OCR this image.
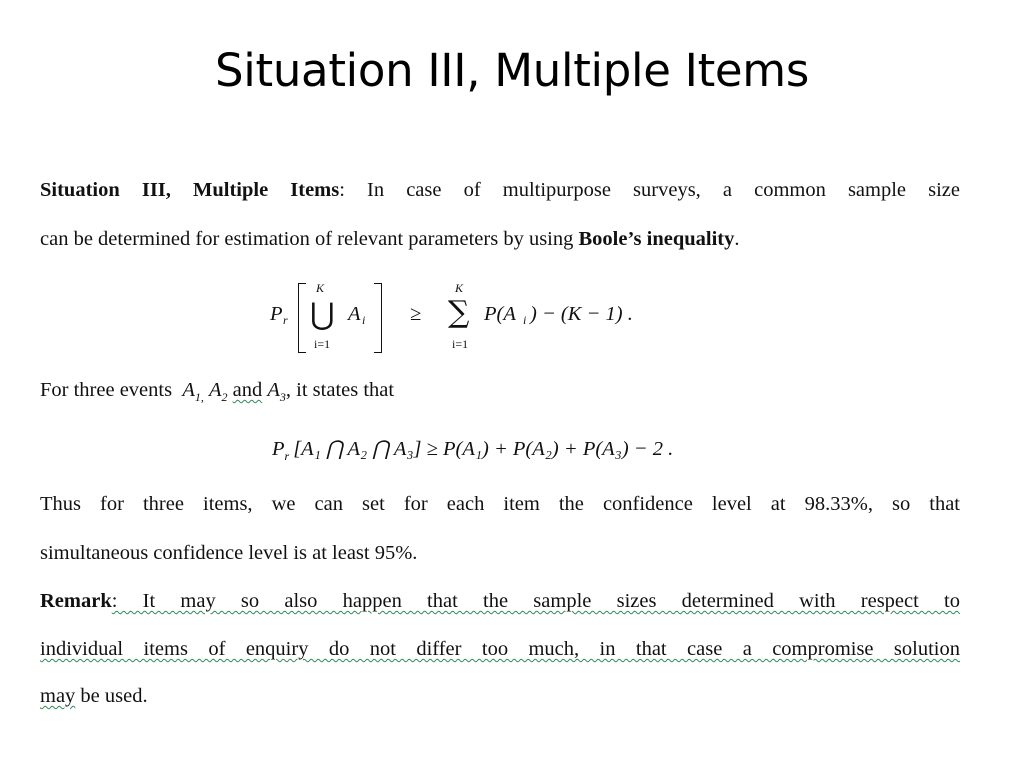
Situation III, Multiple Items
Situation III, Multiple Items: In case of multipurpose surveys, a common sample size
can be determined for estimation of relevant parameters by using Boole’s inequality.
P r
K
⋃
i=1
A i ≥
K
∑
i=1
P(A i ) − (K − 1) .
For three events  $A_{1,}$ $A_2$ and $A_3$, it states that
$P_r$ [A₁ ⋂ A₂ ⋂ A₃] ≥ P(A₁) + P(A₂) + P(A₃) − 2 .
Thus for three items, we can set for each item the confidence level at 98.33%, so that
simultaneous confidence level is at least 95%.
Remark: It may so also happen that the sample sizes determined with respect to
individual items of enquiry do not differ too much, in that case a compromise solution
may be used.
